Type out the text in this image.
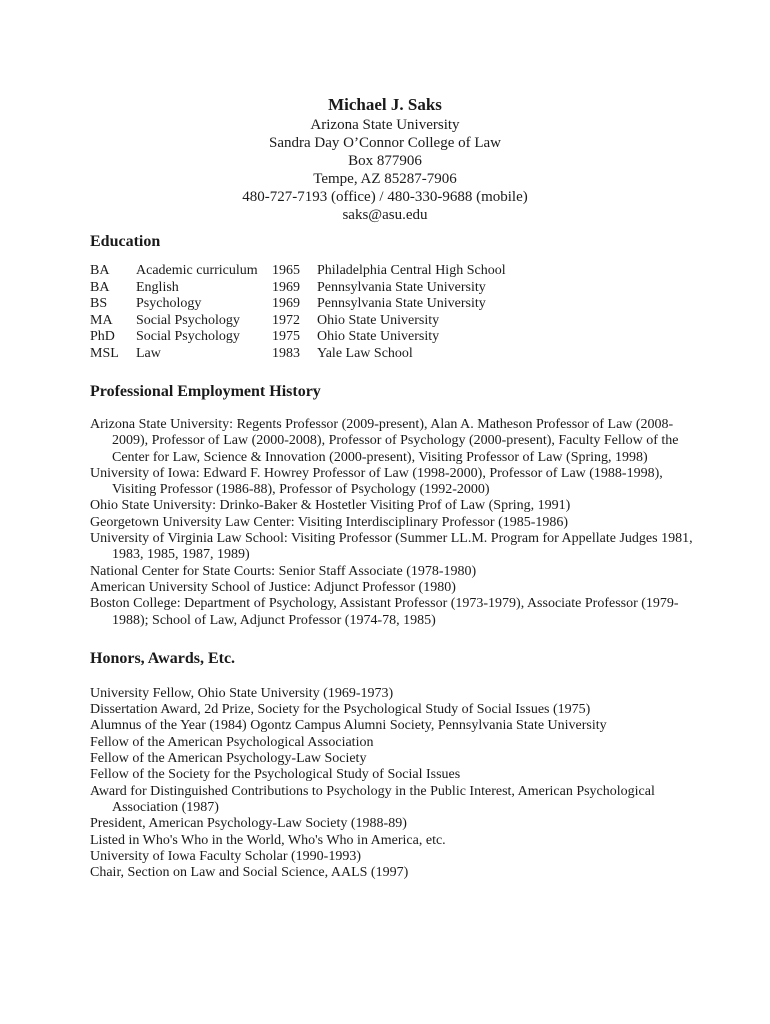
Michael J. Saks
Arizona State University
Sandra Day O’Connor College of Law
Box 877906
Tempe, AZ 85287-7906
480-727-7193 (office) / 480-330-9688 (mobile)
saks@asu.edu
Education
BA	Academic curriculum	1965	Philadelphia Central High School
BA	English	1969	Pennsylvania State University
BS	Psychology	1969	Pennsylvania State University
MA	Social Psychology	1972	Ohio State University
PhD	Social Psychology	1975	Ohio State University
MSL	Law	1983	Yale Law School
Professional Employment History
Arizona State University: Regents Professor (2009-present), Alan A. Matheson Professor of Law (2008-2009), Professor of Law (2000-2008), Professor of Psychology (2000-present), Faculty Fellow of the Center for Law, Science & Innovation (2000-present), Visiting Professor of Law (Spring, 1998)
University of Iowa: Edward F. Howrey Professor of Law (1998-2000), Professor of Law (1988-1998), Visiting Professor (1986-88), Professor of Psychology (1992-2000)
Ohio State University: Drinko-Baker & Hostetler Visiting Prof of Law (Spring, 1991)
Georgetown University Law Center: Visiting Interdisciplinary Professor (1985-1986)
University of Virginia Law School: Visiting Professor (Summer LL.M. Program for Appellate Judges 1981, 1983, 1985, 1987, 1989)
National Center for State Courts: Senior Staff Associate (1978-1980)
American University School of Justice: Adjunct Professor (1980)
Boston College: Department of Psychology, Assistant Professor (1973-1979), Associate Professor (1979-1988); School of Law, Adjunct Professor (1974-78, 1985)
Honors, Awards, Etc.
University Fellow, Ohio State University (1969-1973)
Dissertation Award, 2d Prize, Society for the Psychological Study of Social Issues (1975)
Alumnus of the Year (1984) Ogontz Campus Alumni Society, Pennsylvania State University
Fellow of the American Psychological Association
Fellow of the American Psychology-Law Society
Fellow of the Society for the Psychological Study of Social Issues
Award for Distinguished Contributions to Psychology in the Public Interest, American Psychological Association (1987)
President, American Psychology-Law Society (1988-89)
Listed in Who's Who in the World, Who's Who in America, etc.
University of Iowa Faculty Scholar (1990-1993)
Chair, Section on Law and Social Science, AALS (1997)
